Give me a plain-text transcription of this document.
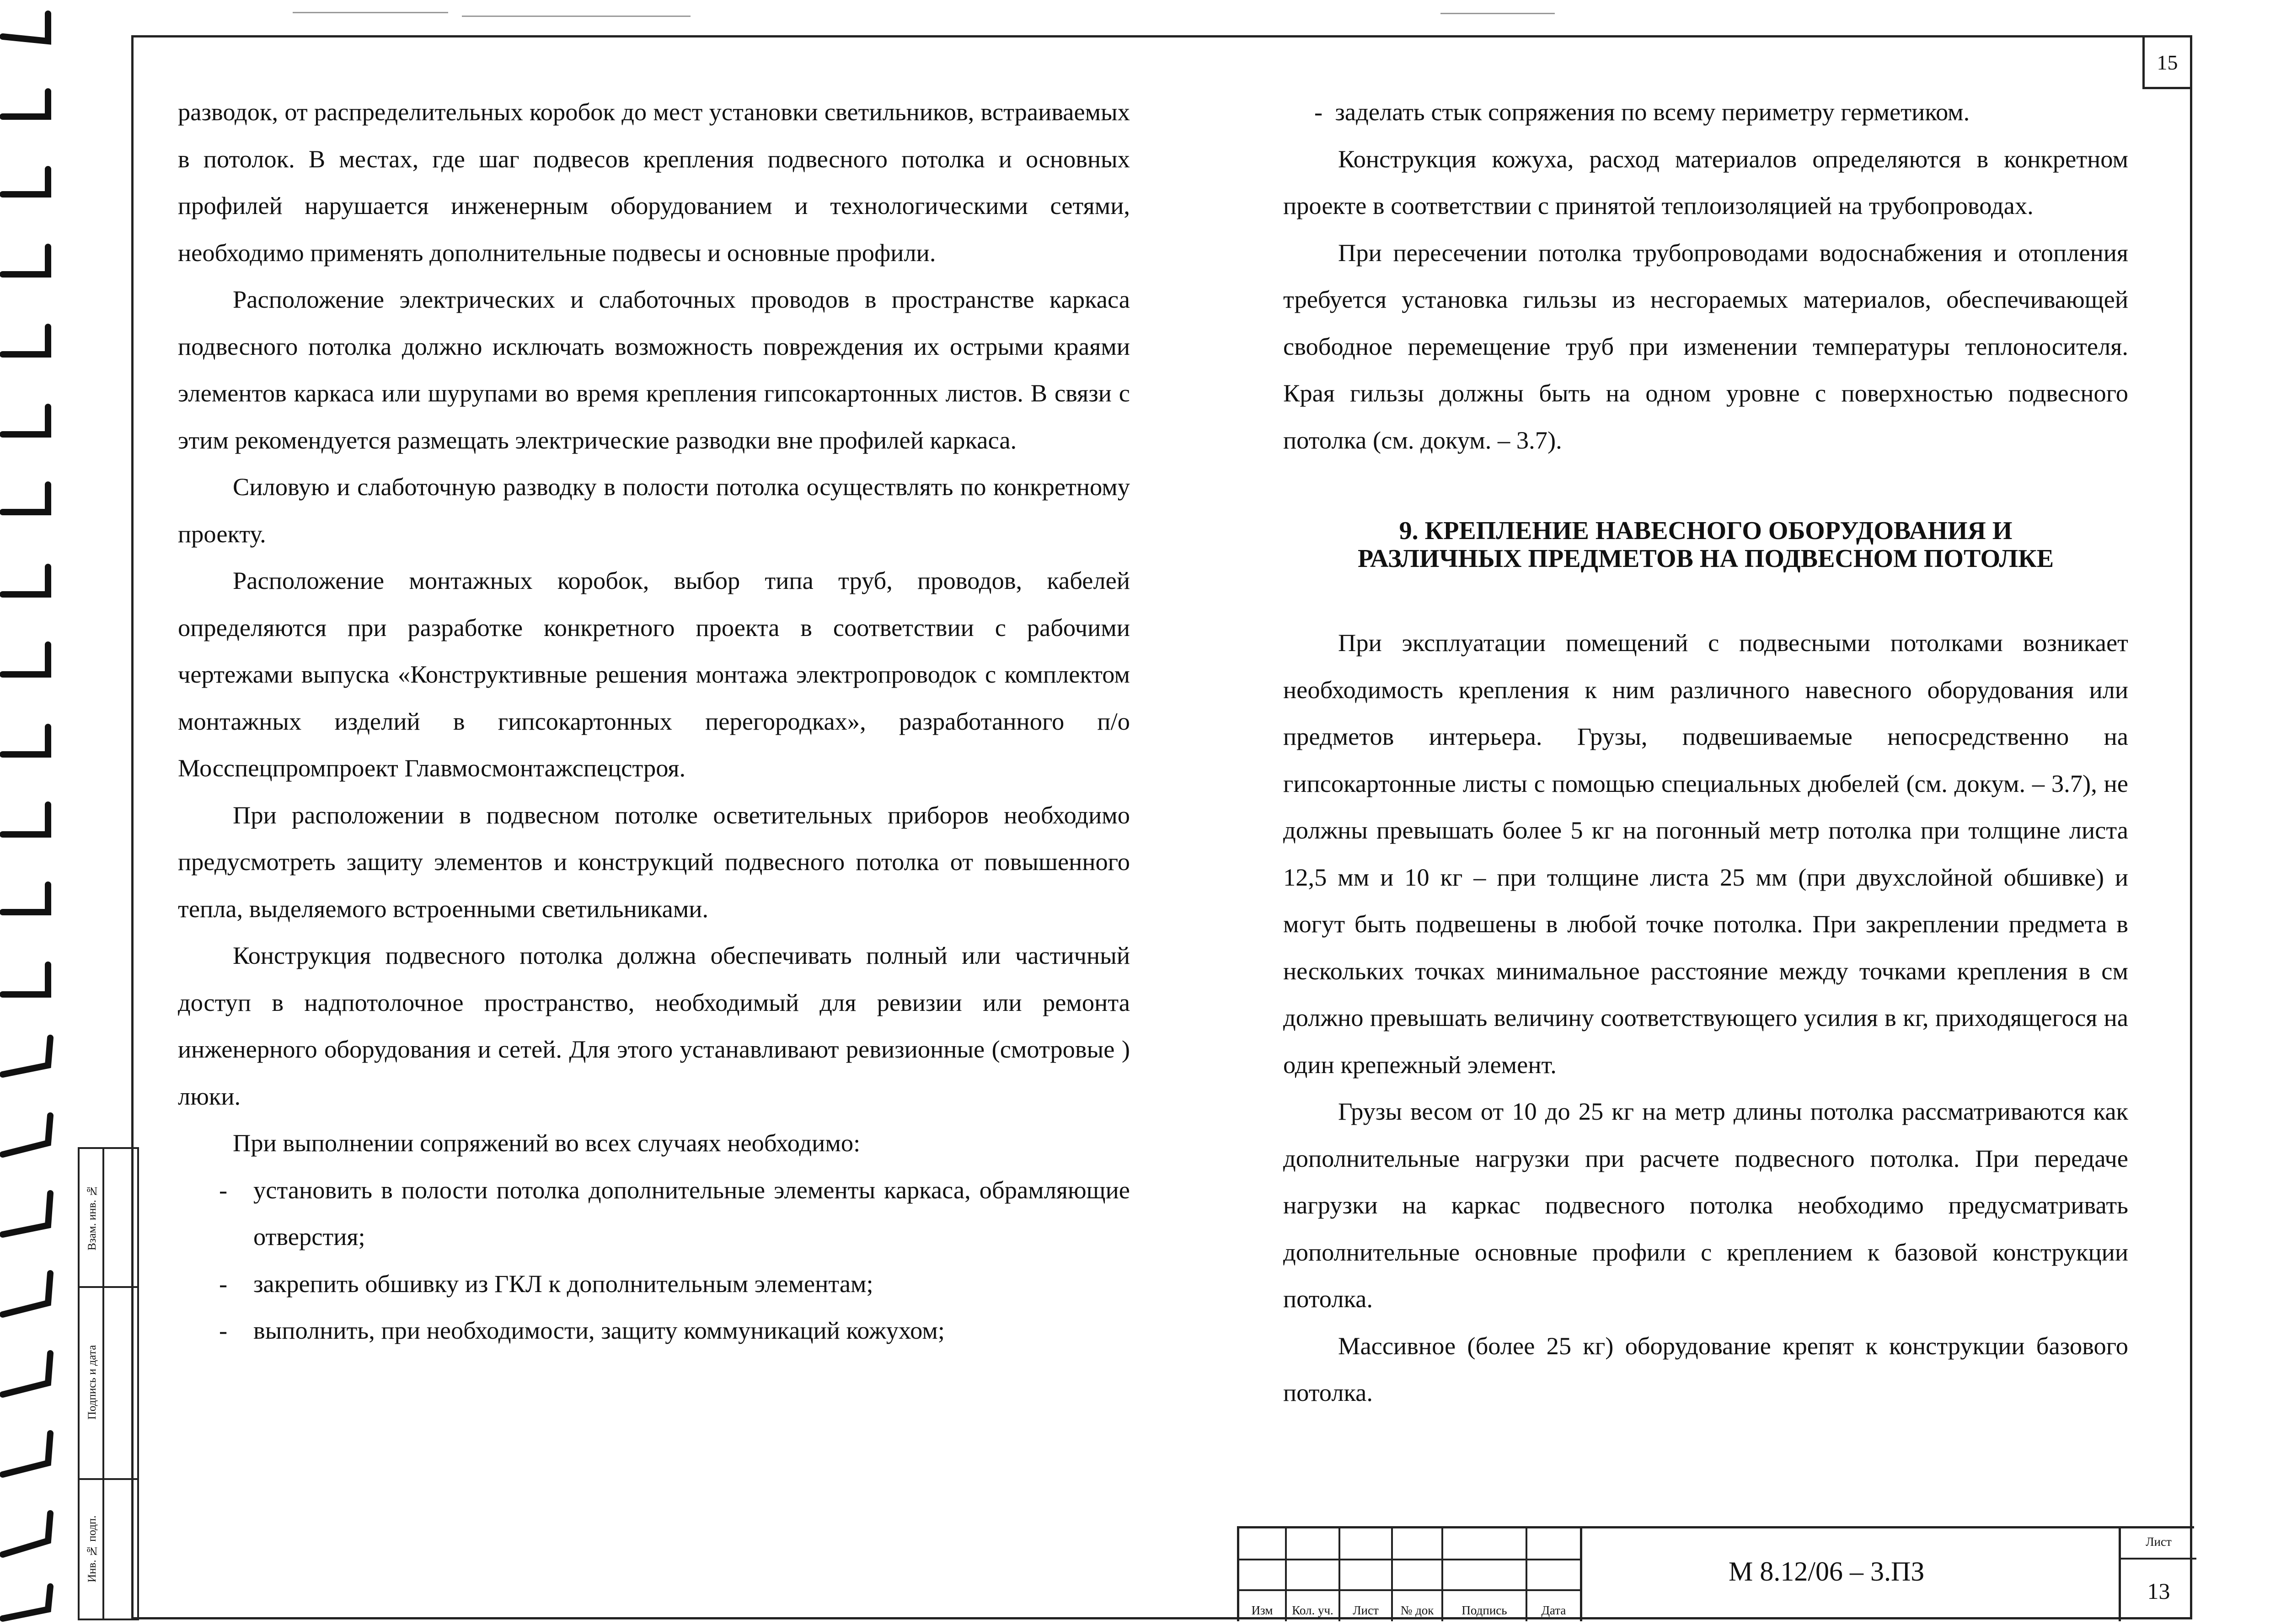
15

разводок, от распределительных коробок до мест установки светильников, встраиваемых в потолок. В местах, где шаг подвесов крепления подвесного потолка и основных профилей нарушается инженерным оборудованием и технологическими сетями, необходимо применять дополнительные подвесы и основные профили.

Расположение электрических и слаботочных проводов в пространстве каркаса подвесного потолка должно исключать возможность повреждения их острыми краями элементов каркаса или шурупами во время крепления гипсокартонных листов. В связи с этим рекомендуется размещать электрические разводки вне профилей каркаса.

Силовую и слаботочную разводку в полости потолка осуществлять по конкретному проекту.

Расположение монтажных коробок, выбор типа труб, проводов, кабелей определяются при разработке конкретного проекта в соответствии с рабочими чертежами выпуска «Конструктивные решения монтажа электропроводок с комплектом монтажных изделий в гипсокартонных перегородках», разработанного п/о Мосспецпромпроект Главмосмонтажспецстроя.

При расположении в подвесном потолке осветительных приборов необходимо предусмотреть защиту элементов и конструкций подвесного потолка от повышенного тепла, выделяемого встроенными светильниками.

Конструкция подвесного потолка должна обеспечивать полный или частичный доступ в надпотолочное пространство, необходимый для ревизии или ремонта инженерного оборудования и сетей. Для этого устанавливают ревизионные (смотровые ) люки.

При выполнении сопряжений во всех случаях необходимо:

- установить в полости потолка дополнительные элементы каркаса, обрамляющие отверстия;

- закрепить обшивку из ГКЛ к дополнительным элементам;

- выполнить, при необходимости, защиту коммуникаций кожухом;

- заделать стык сопряжения по всему периметру герметиком.

Конструкция кожуха, расход материалов определяются в конкретном проекте в соответствии с принятой теплоизоляцией на трубопроводах.

При пересечении потолка трубопроводами водоснабжения и отопления требуется установка гильзы из несгораемых материалов, обеспечивающей свободное перемещение труб при изменении температуры теплоносителя. Края гильзы должны быть на одном уровне с поверхностью подвесного потолка (см. докум. – 3.7).

9. КРЕПЛЕНИЕ НАВЕСНОГО ОБОРУДОВАНИЯ И

РАЗЛИЧНЫХ ПРЕДМЕТОВ НА ПОДВЕСНОМ ПОТОЛКЕ

При эксплуатации помещений с подвесными потолками возникает необходимость крепления к ним различного навесного оборудования или предметов интерьера. Грузы, подвешиваемые непосредственно на гипсокартонные листы с помощью специальных дюбелей (см. докум. – 3.7), не должны превышать более 5 кг на погонный метр потолка при толщине листа 12,5 мм и 10 кг – при толщине листа 25 мм (при двухслойной обшивке) и могут быть подвешены в любой точке потолка. При закреплении предмета в нескольких точках минимальное расстояние между точками крепления в см должно превышать величину соответствующего усилия в кг, приходящегося на один крепежный элемент.

Грузы весом от 10 до 25 кг на метр длины потолка рассматриваются как дополнительные нагрузки при расчете подвесного потолка. При передаче нагрузки на каркас подвесного потолка необходимо предусматривать дополнительные основные профили с креплением к базовой конструкции потолка.

Массивное (более 25 кг) оборудование крепят к конструкции базового потолка.

Взам. инв. №
Подпись и дата
Инв. № подп.
Изм	Кол. уч.	Лист	№ док	Подпись	Дата
М 8.12/06 – 3.ПЗ
Лист
13
